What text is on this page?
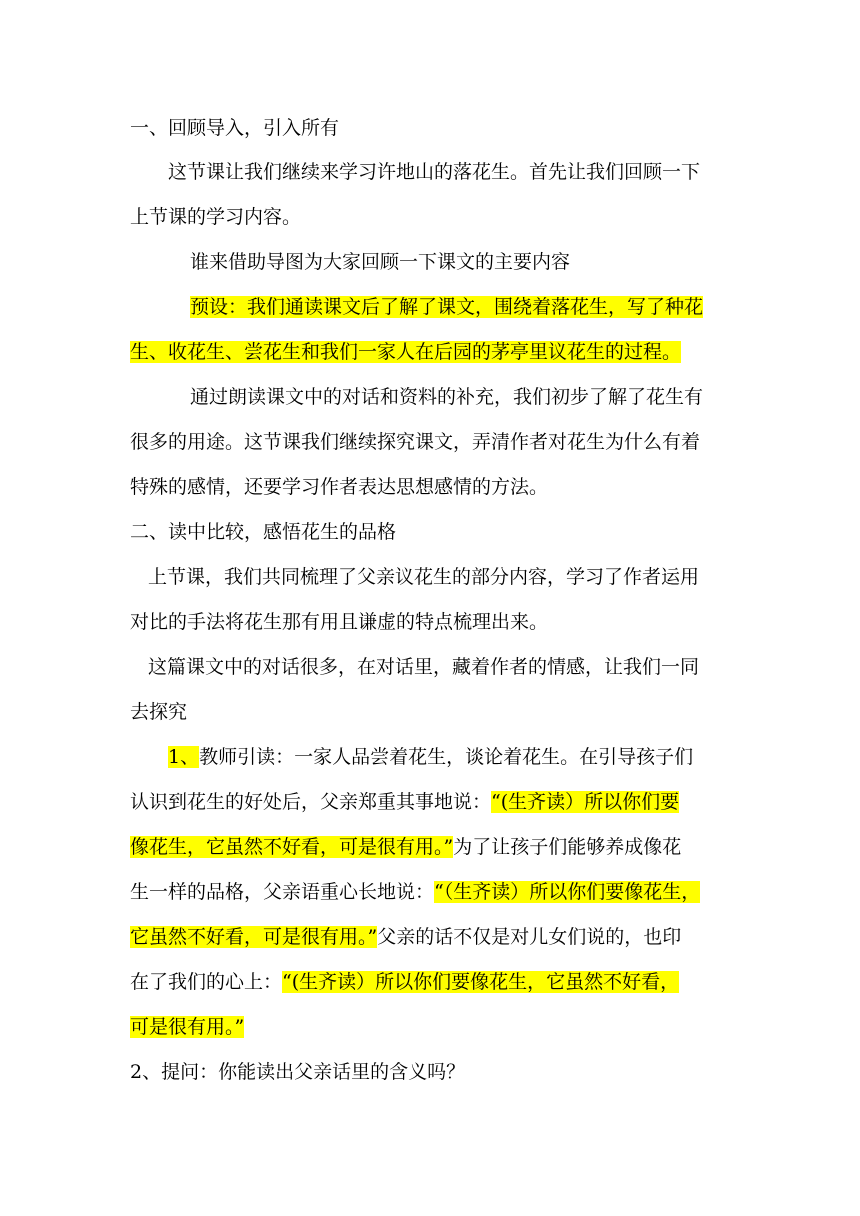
一、回顾导入，引入所有
这节课让我们继续来学习许地山的落花生。首先让我们回顾一下
上节课的学习内容。
谁来借助导图为大家回顾一下课文的主要内容
预设：我们通读课文后了解了课文，围绕着落花生，写了种花
生、收花生、尝花生和我们一家人在后园的茅亭里议花生的过程。
通过朗读课文中的对话和资料的补充，我们初步了解了花生有
很多的用途。这节课我们继续探究课文，弄清作者对花生为什么有着
特殊的感情，还要学习作者表达思想感情的方法。
二、读中比较，感悟花生的品格
上节课，我们共同梳理了父亲议花生的部分内容，学习了作者运用
对比的手法将花生那有用且谦虚的特点梳理出来。
这篇课文中的对话很多，在对话里，藏着作者的情感，让我们一同
去探究
1、教师引读：一家人品尝着花生，谈论着花生。在引导孩子们
认识到花生的好处后，父亲郑重其事地说：“(生齐读）所以你们要
像花生，它虽然不好看，可是很有用。”为了让孩子们能够养成像花
生一样的品格，父亲语重心长地说：“（生齐读）所以你们要像花生，
它虽然不好看，可是很有用。”父亲的话不仅是对儿女们说的，也印
在了我们的心上：“(生齐读）所以你们要像花生，它虽然不好看，
可是很有用。”
2、提问：你能读出父亲话里的含义吗？
